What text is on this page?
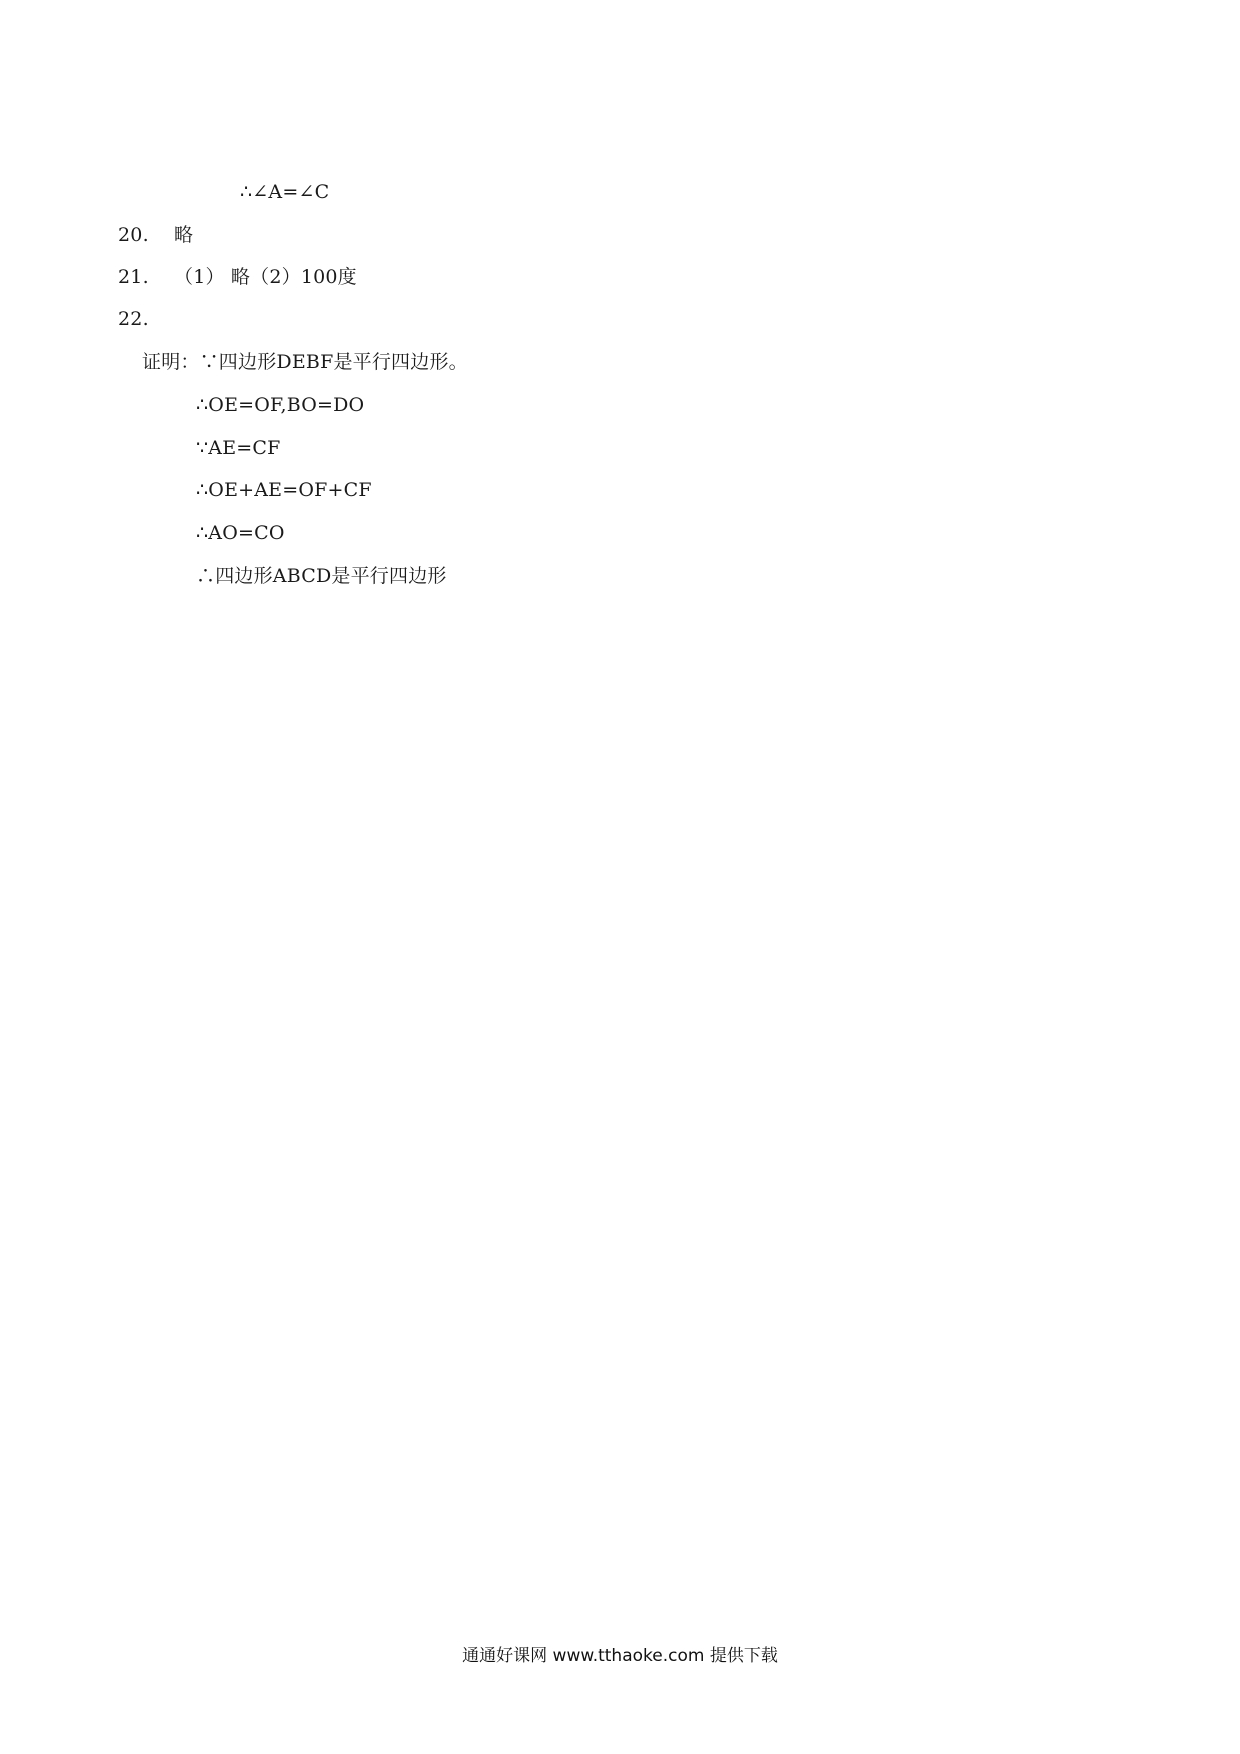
∴∠A=∠C
20. 略
21. （1） 略（2）100度
22.
证明：∵四边形DEBF是平行四边形。
∴OE=OF,BO=DO
∵AE=CF
∴OE+AE=OF+CF
∴AO=CO
∴四边形ABCD是平行四边形
通通好课网 www.tthaoke.com 提供下载
